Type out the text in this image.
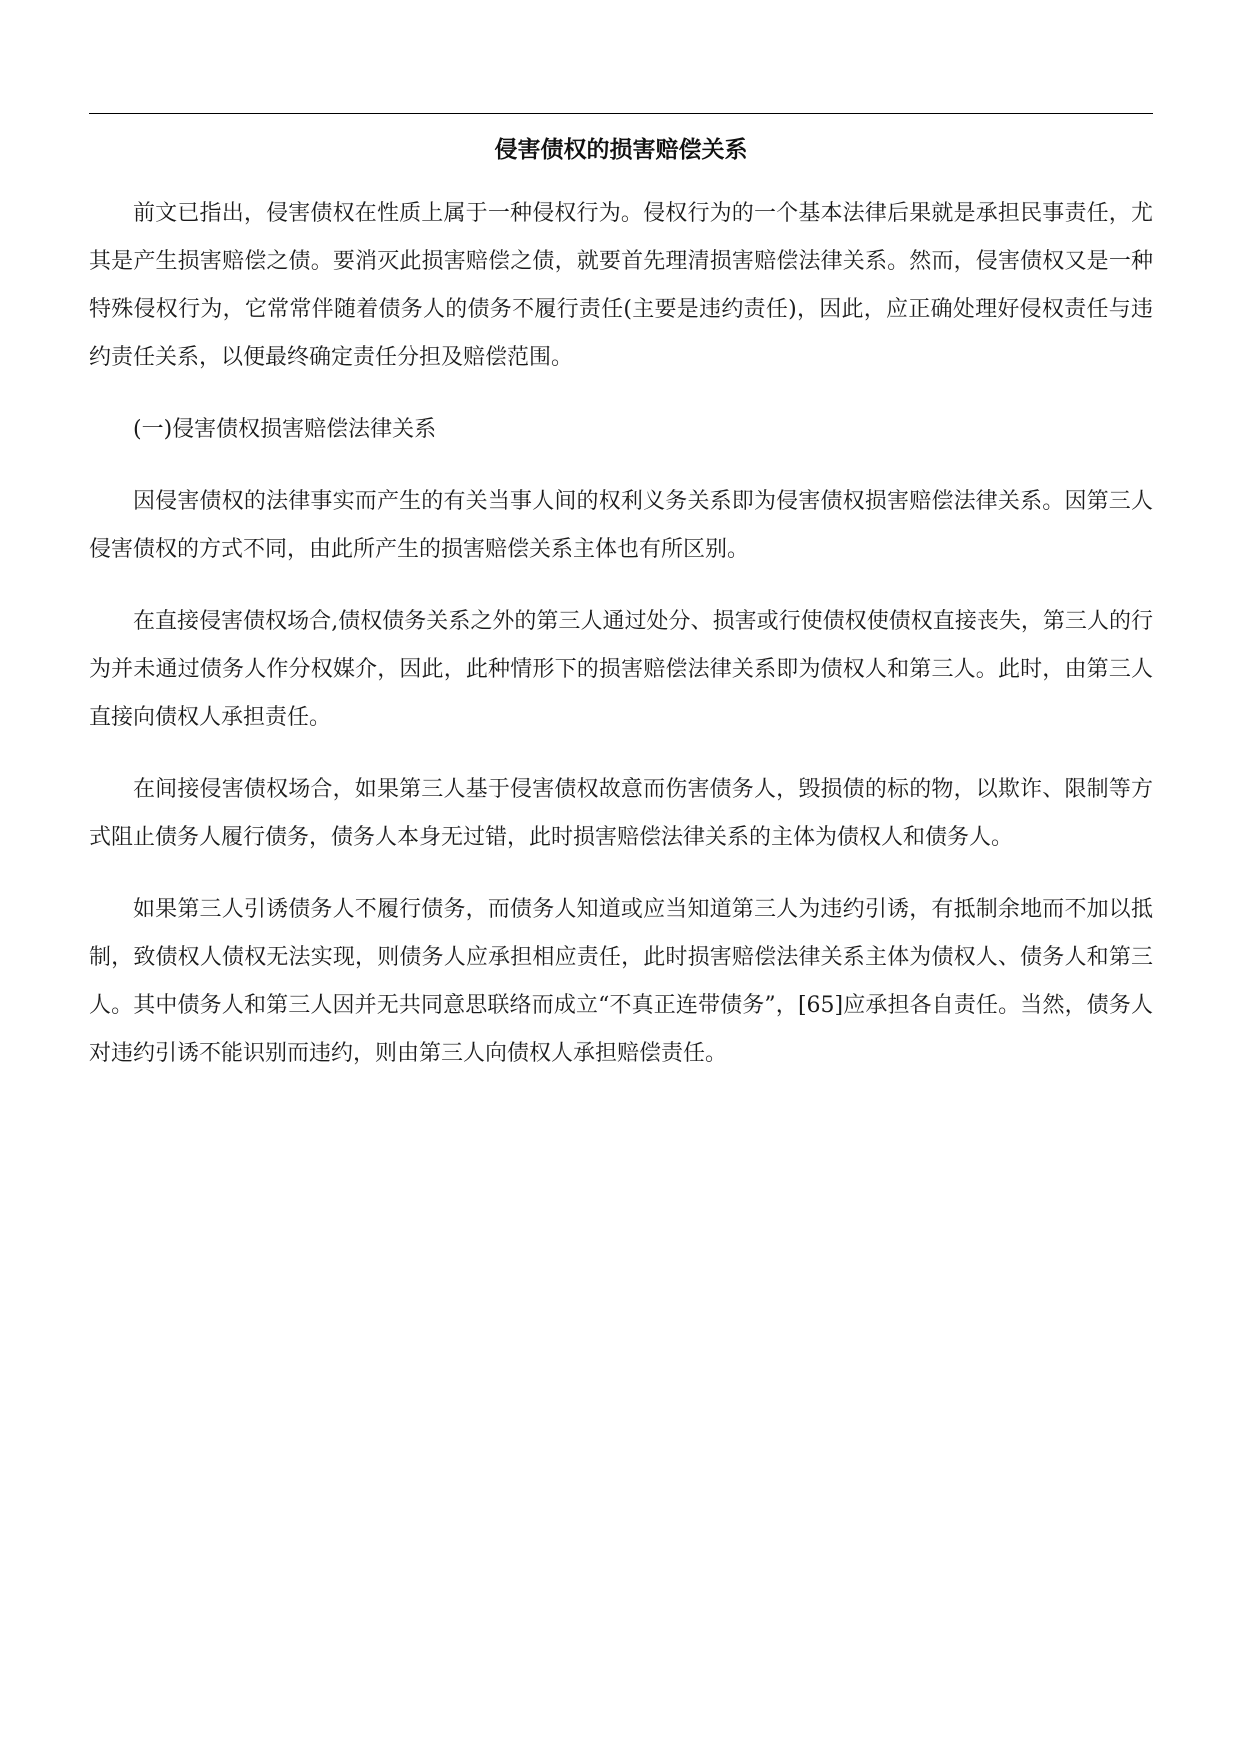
侵害债权的损害赔偿关系

前文已指出，侵害债权在性质上属于一种侵权行为。侵权行为的一个基本法律后果就是承担民事责任，尤其是产生损害赔偿之债。要消灭此损害赔偿之债，就要首先理清损害赔偿法律关系。然而，侵害债权又是一种特殊侵权行为，它常常伴随着债务人的债务不履行责任(主要是违约责任)，因此，应正确处理好侵权责任与违约责任关系，以便最终确定责任分担及赔偿范围。

(一)侵害债权损害赔偿法律关系

因侵害债权的法律事实而产生的有关当事人间的权利义务关系即为侵害债权损害赔偿法律关系。因第三人侵害债权的方式不同，由此所产生的损害赔偿关系主体也有所区别。

在直接侵害债权场合,债权债务关系之外的第三人通过处分、损害或行使债权使债权直接丧失，第三人的行为并未通过债务人作分权媒介，因此，此种情形下的损害赔偿法律关系即为债权人和第三人。此时，由第三人直接向债权人承担责任。

在间接侵害债权场合，如果第三人基于侵害债权故意而伤害债务人，毁损债的标的物，以欺诈、限制等方式阻止债务人履行债务，债务人本身无过错，此时损害赔偿法律关系的主体为债权人和债务人。

如果第三人引诱债务人不履行债务，而债务人知道或应当知道第三人为违约引诱，有抵制余地而不加以抵制，致债权人债权无法实现，则债务人应承担相应责任，此时损害赔偿法律关系主体为债权人、债务人和第三人。其中债务人和第三人因并无共同意思联络而成立“不真正连带债务”，[65]应承担各自责任。当然，债务人对违约引诱不能识别而违约，则由第三人向债权人承担赔偿责任。
